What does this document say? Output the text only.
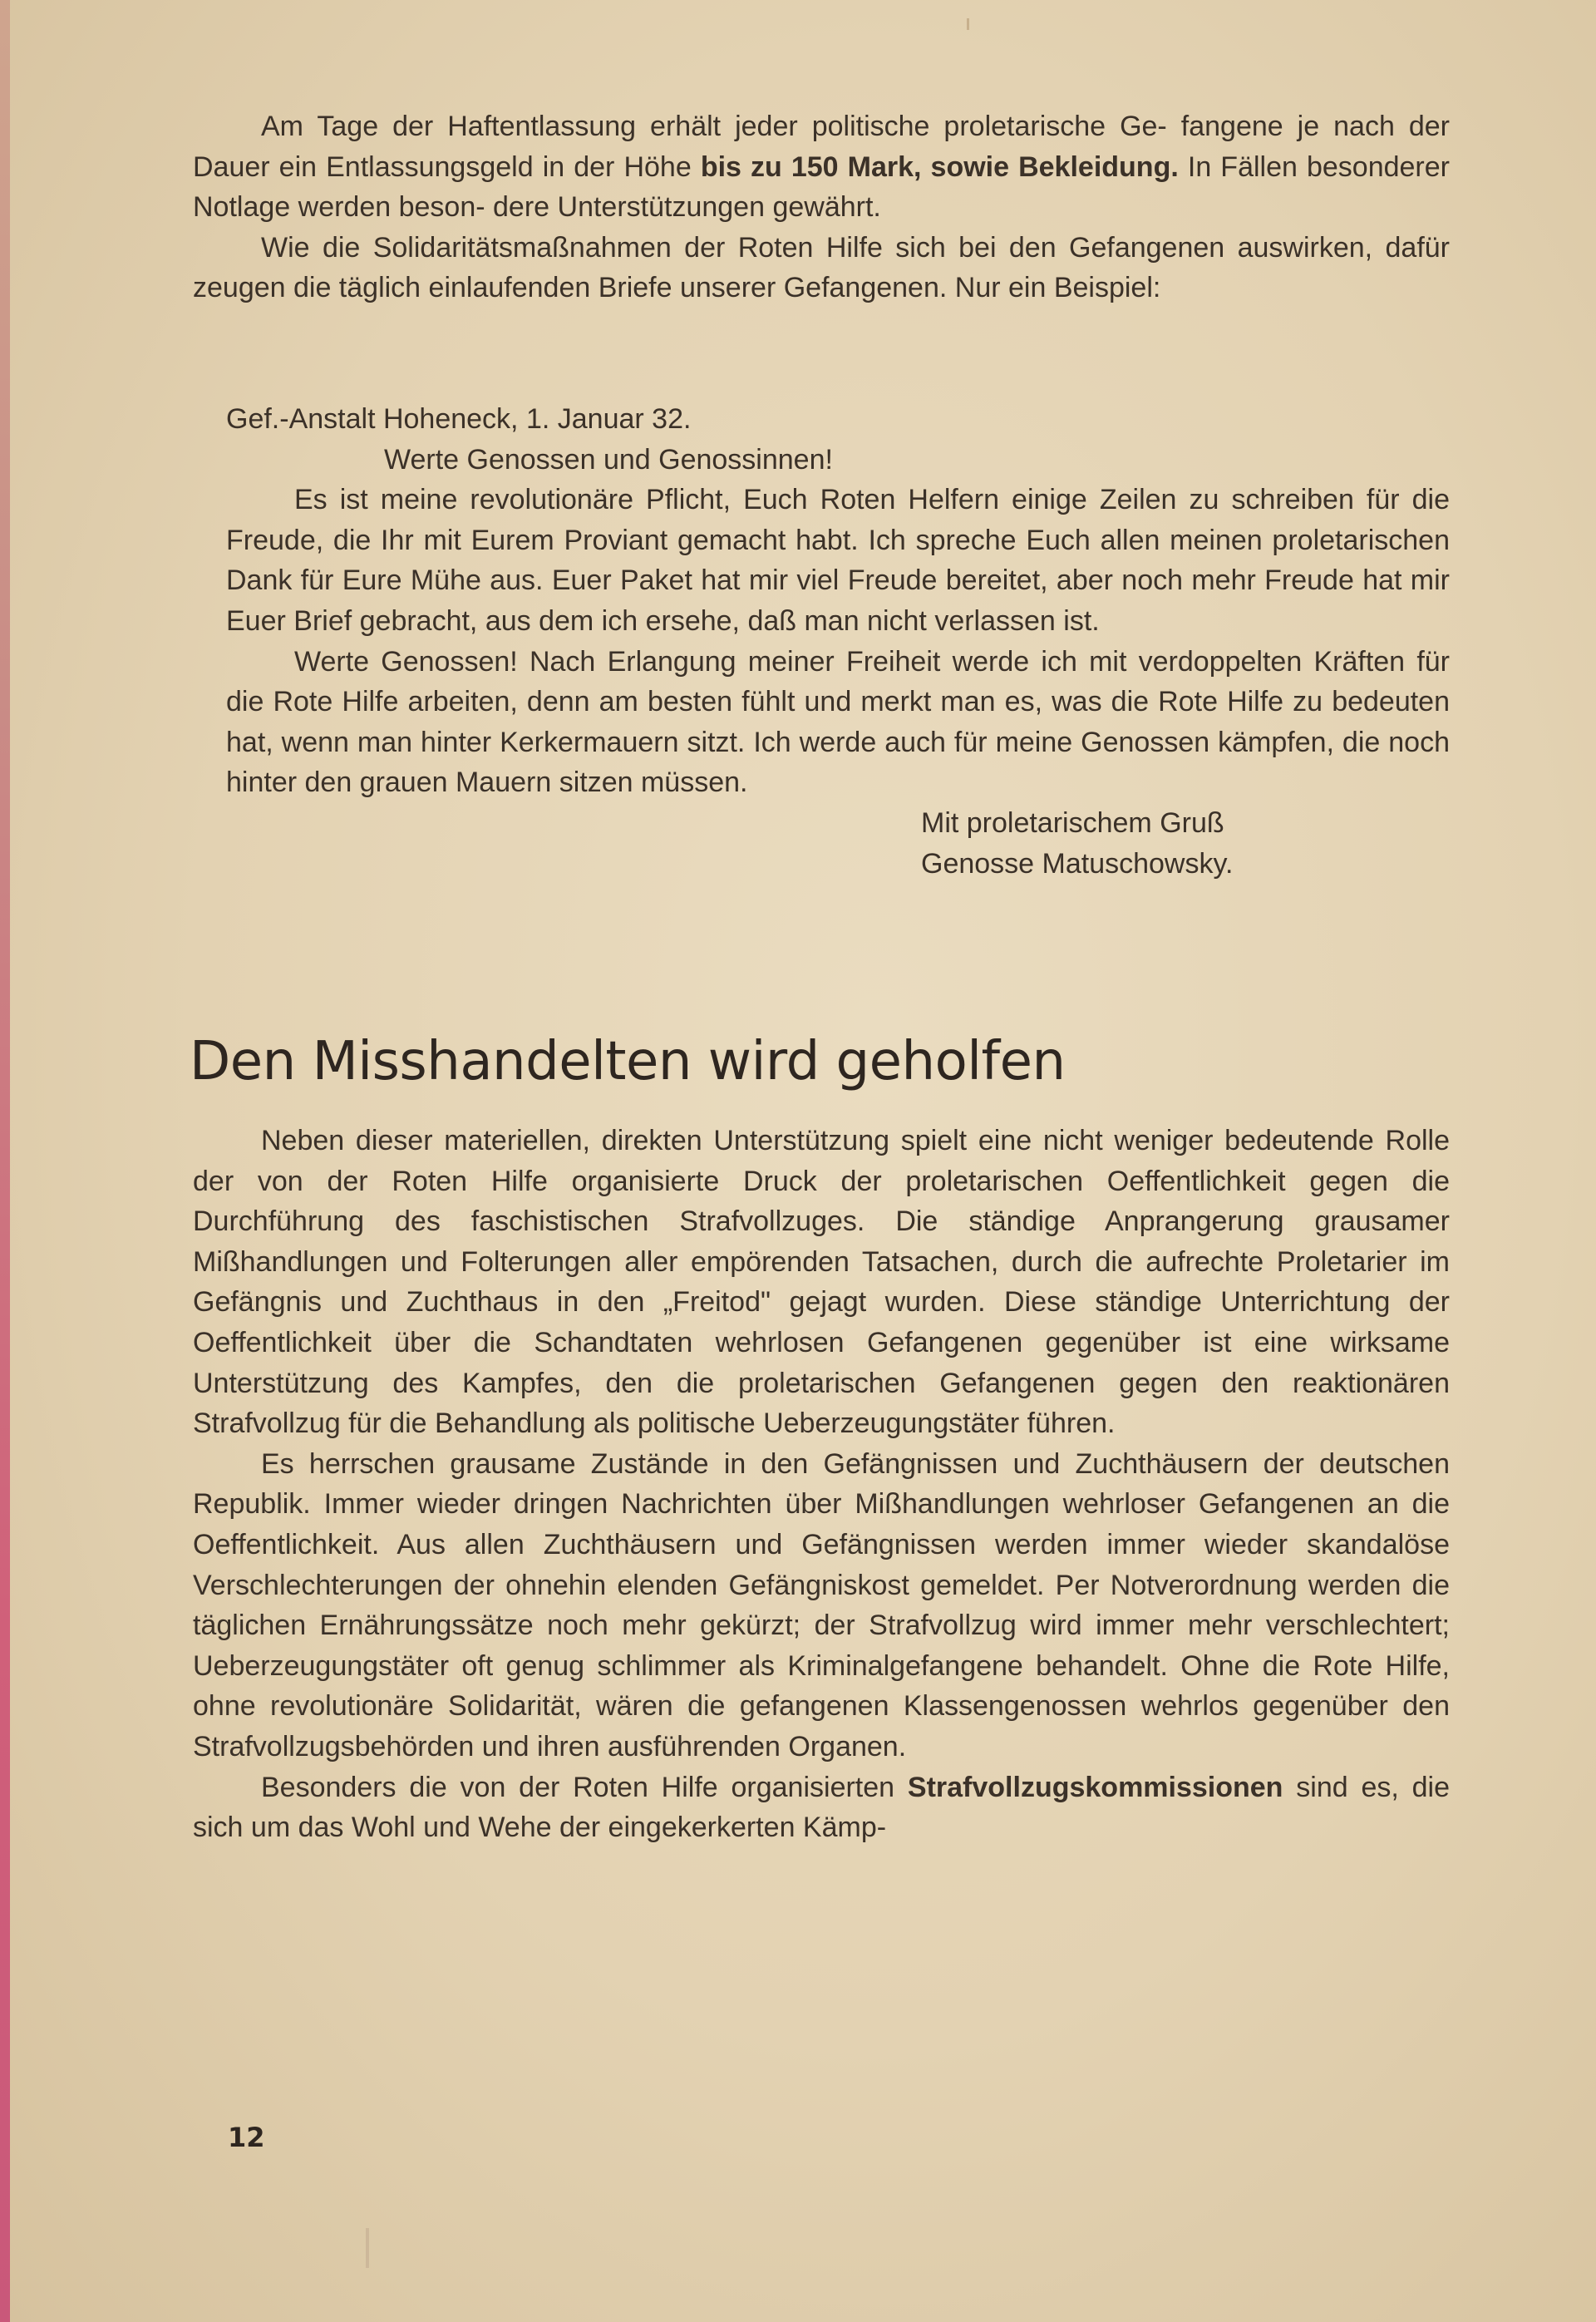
Am Tage der Haftentlassung erhält jeder politische proletarische Ge- fangene je nach der Dauer ein Entlassungsgeld in der Höhe bis zu 150 Mark, sowie Bekleidung. In Fällen besonderer Notlage werden beson- dere Unterstützungen gewährt.

Wie die Solidaritätsmaßnahmen der Roten Hilfe sich bei den Gefangenen auswirken, dafür zeugen die täglich einlaufenden Briefe unserer Gefangenen. Nur ein Beispiel:

Gef.-Anstalt Hoheneck, 1. Januar 32.

Werte Genossen und Genossinnen!

Es ist meine revolutionäre Pflicht, Euch Roten Helfern einige Zeilen zu schreiben für die Freude, die Ihr mit Eurem Proviant gemacht habt. Ich spreche Euch allen meinen proletarischen Dank für Eure Mühe aus. Euer Paket hat mir viel Freude bereitet, aber noch mehr Freude hat mir Euer Brief gebracht, aus dem ich ersehe, daß man nicht verlassen ist.

Werte Genossen! Nach Erlangung meiner Freiheit werde ich mit verdoppelten Kräften für die Rote Hilfe arbeiten, denn am besten fühlt und merkt man es, was die Rote Hilfe zu bedeuten hat, wenn man hinter Kerkermauern sitzt. Ich werde auch für meine Genossen kämpfen, die noch hinter den grauen Mauern sitzen müssen.

Mit proletarischem Gruß

Genosse Matuschowsky.

Den Misshandelten wird geholfen

Neben dieser materiellen, direkten Unterstützung spielt eine nicht weniger bedeutende Rolle der von der Roten Hilfe organisierte Druck der proletarischen Oeffentlichkeit gegen die Durchführung des faschistischen Strafvollzuges. Die ständige Anprangerung grausamer Mißhandlungen und Folterungen aller empörenden Tatsachen, durch die aufrechte Proletarier im Gefängnis und Zuchthaus in den „Freitod" gejagt wurden. Diese ständige Unterrichtung der Oeffentlichkeit über die Schandtaten wehrlosen Gefangenen gegenüber ist eine wirksame Unterstützung des Kampfes, den die proletarischen Gefangenen gegen den reaktionären Strafvollzug für die Behandlung als politische Ueberzeugungstäter führen.

Es herrschen grausame Zustände in den Gefängnissen und Zuchthäusern der deutschen Republik. Immer wieder dringen Nachrichten über Mißhandlungen wehrloser Gefangenen an die Oeffentlichkeit. Aus allen Zuchthäusern und Gefängnissen werden immer wieder skandalöse Verschlechterungen der ohnehin elenden Gefängniskost gemeldet. Per Notverordnung werden die täglichen Ernährungssätze noch mehr gekürzt; der Strafvollzug wird immer mehr verschlechtert; Ueberzeugungstäter oft genug schlimmer als Kriminalgefangene behandelt. Ohne die Rote Hilfe, ohne revolutionäre Solidarität, wären die gefangenen Klassengenossen wehrlos gegenüber den Strafvollzugsbehörden und ihren ausführenden Organen.

Besonders die von der Roten Hilfe organisierten Strafvollzugskommissionen sind es, die sich um das Wohl und Wehe der eingekerkerten Kämp-

12
